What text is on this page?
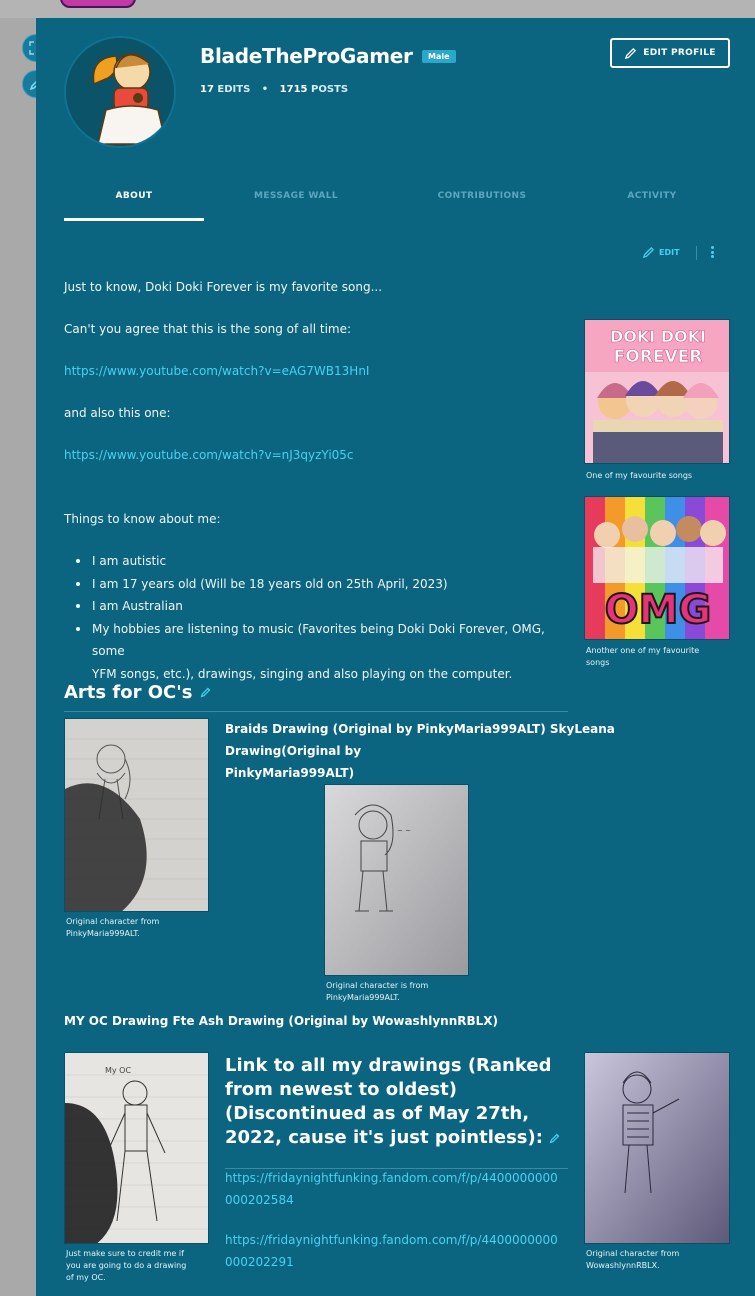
BladeTheProGamer	Male
17 EDITS • 1715 POSTS
EDIT PROFILE
ABOUT	MESSAGE WALL	CONTRIBUTIONS	ACTIVITY
EDIT
Just to know, Doki Doki Forever is my favorite song...
Can't you agree that this is the song of all time:
https://www.youtube.com/watch?v=eAG7WB13HnI
and also this one:
https://www.youtube.com/watch?v=nJ3qyzYi05c
Things to know about me:
I am autistic
I am 17 years old (Will be 18 years old on 25th April, 2023)
I am Australian
My hobbies are listening to music (Favorites being Doki Doki Forever, OMG, some
YFM songs, etc.), drawings, singing and also playing on the computer.
DOKI DOKI
FOREVER
One of my favourite songs
OMG
Another one of my favourite
songs
Arts for OC's
Original character from
PinkyMaria999ALT.
Braids Drawing (Original by PinkyMaria999ALT) SkyLeana Drawing(Original by
PinkyMaria999ALT)
~ ~
Original character is from
PinkyMaria999ALT.
MY OC Drawing Fte Ash Drawing (Original by WowashlynnRBLX)
My OC
Just make sure to credit me if
you are going to do a drawing
of my OC.
Link to all my drawings (Ranked from newest to oldest) (Discontinued as of May 27th, 2022, cause it's just pointless):
https://fridaynightfunking.fandom.com/f/p/4400000000
000202584
https://fridaynightfunking.fandom.com/f/p/4400000000
000202291
Original character from
WowashlynnRBLX.
